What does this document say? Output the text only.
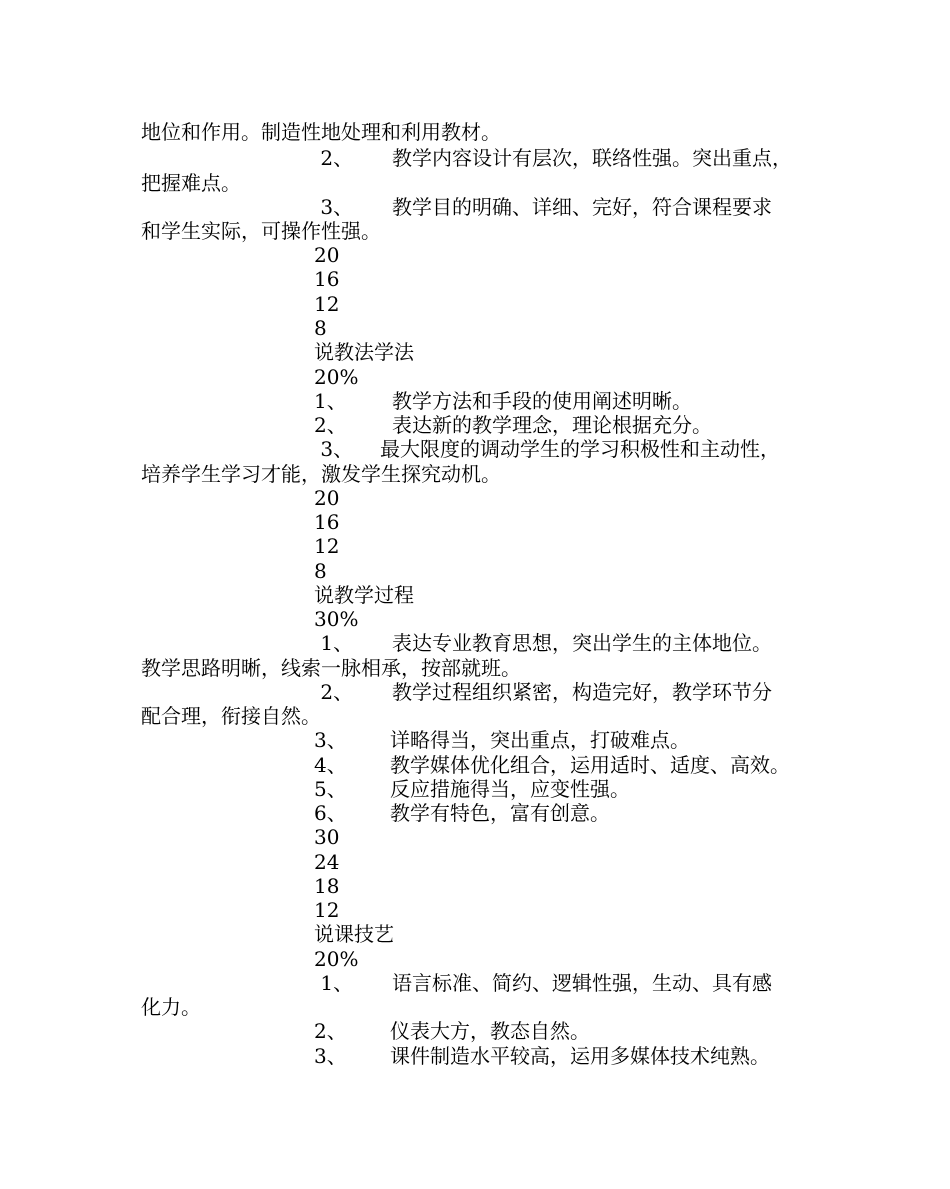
地位和作用。制造性地处理和利用教材。
2、 教学内容设计有层次，联络性强。突出重点，
把握难点。
3、 教学目的明确、详细、完好，符合课程要求
和学生实际，可操作性强。
20
16
12
8
说教法学法
20%
1、 教学方法和手段的使用阐述明晰。
2、 表达新的教学理念，理论根据充分。
3、 最大限度的调动学生的学习积极性和主动性，
培养学生学习才能，激发学生探究动机。
20
16
12
8
说教学过程
30%
1、 表达专业教育思想，突出学生的主体地位。
教学思路明晰，线索一脉相承，按部就班。
2、 教学过程组织紧密，构造完好，教学环节分
配合理，衔接自然。
3、 详略得当，突出重点，打破难点。
4、 教学媒体优化组合，运用适时、适度、高效。
5、 反应措施得当，应变性强。
6、 教学有特色，富有创意。
30
24
18
12
说课技艺
20%
1、 语言标准、简约、逻辑性强，生动、具有感
化力。
2、 仪表大方，教态自然。
3、 课件制造水平较高，运用多媒体技术纯熟。
